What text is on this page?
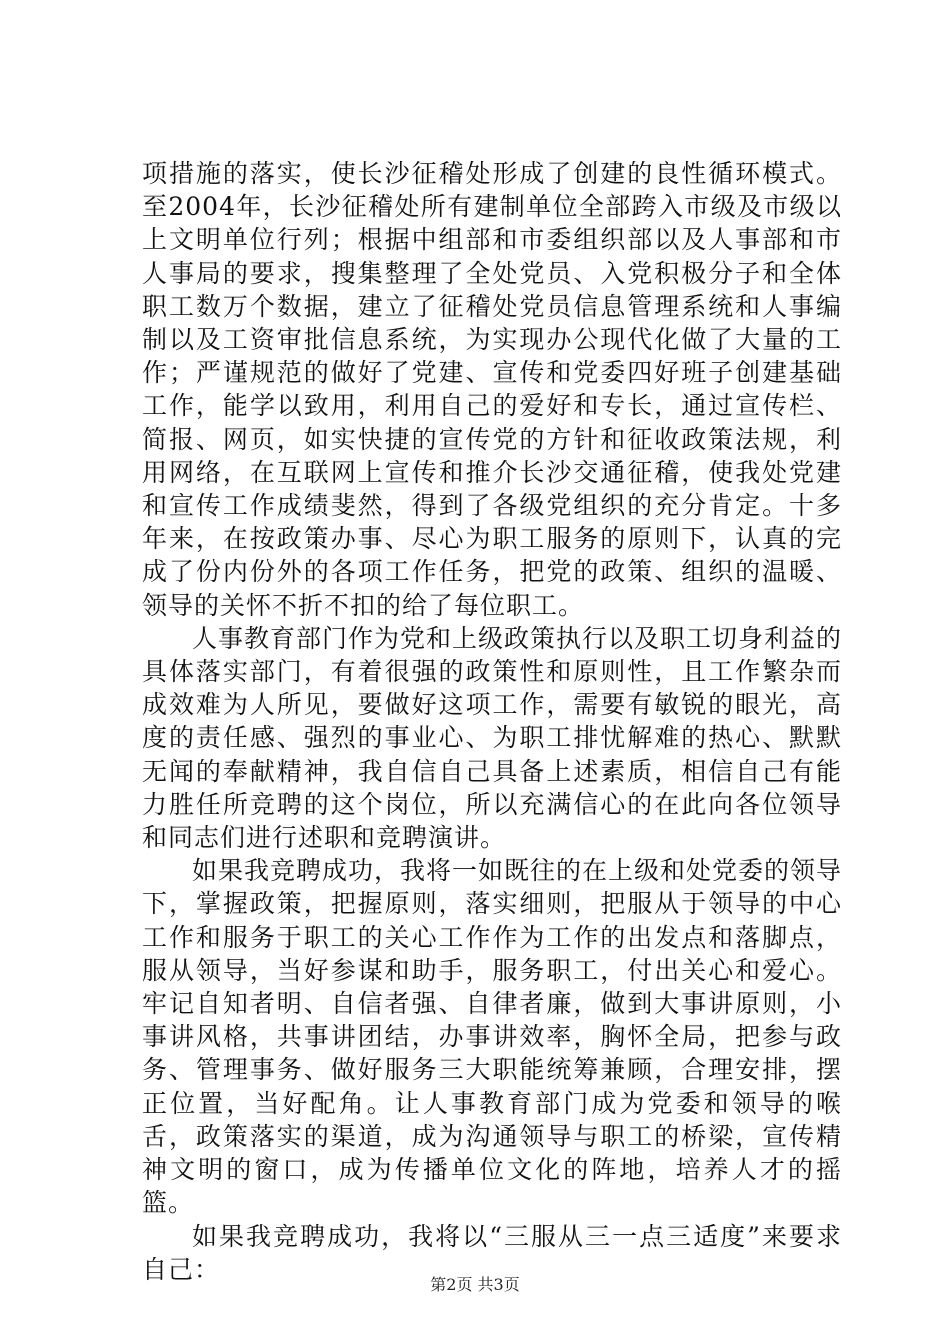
项措施的落实，使长沙征稽处形成了创建的良性循环模式。至2004年，长沙征稽处所有建制单位全部跨入市级及市级以上文明单位行列；根据中组部和市委组织部以及人事部和市人事局的要求，搜集整理了全处党员、入党积极分子和全体职工数万个数据，建立了征稽处党员信息管理系统和人事编制以及工资审批信息系统，为实现办公现代化做了大量的工作；严谨规范的做好了党建、宣传和党委四好班子创建基础工作，能学以致用，利用自己的爱好和专长，通过宣传栏、简报、网页，如实快捷的宣传党的方针和征收政策法规，利用网络，在互联网上宣传和推介长沙交通征稽，使我处党建和宣传工作成绩斐然，得到了各级党组织的充分肯定。十多年来，在按政策办事、尽心为职工服务的原则下，认真的完成了份内份外的各项工作任务，把党的政策、组织的温暖、领导的关怀不折不扣的给了每位职工。

人事教育部门作为党和上级政策执行以及职工切身利益的具体落实部门，有着很强的政策性和原则性，且工作繁杂而成效难为人所见，要做好这项工作，需要有敏锐的眼光，高度的责任感、强烈的事业心、为职工排忧解难的热心、默默无闻的奉献精神，我自信自己具备上述素质，相信自己有能力胜任所竞聘的这个岗位，所以充满信心的在此向各位领导和同志们进行述职和竞聘演讲。

如果我竞聘成功，我将一如既往的在上级和处党委的领导下，掌握政策，把握原则，落实细则，把服从于领导的中心工作和服务于职工的关心工作作为工作的出发点和落脚点，服从领导，当好参谋和助手，服务职工，付出关心和爱心。牢记自知者明、自信者强、自律者廉，做到大事讲原则，小事讲风格，共事讲团结，办事讲效率，胸怀全局，把参与政务、管理事务、做好服务三大职能统筹兼顾，合理安排，摆正位置，当好配角。让人事教育部门成为党委和领导的喉舌，政策落实的渠道，成为沟通领导与职工的桥梁，宣传精神文明的窗口，成为传播单位文化的阵地，培养人才的摇篮。

如果我竞聘成功，我将以“三服从三一点三适度”来要求自己：

第2页 共3页
